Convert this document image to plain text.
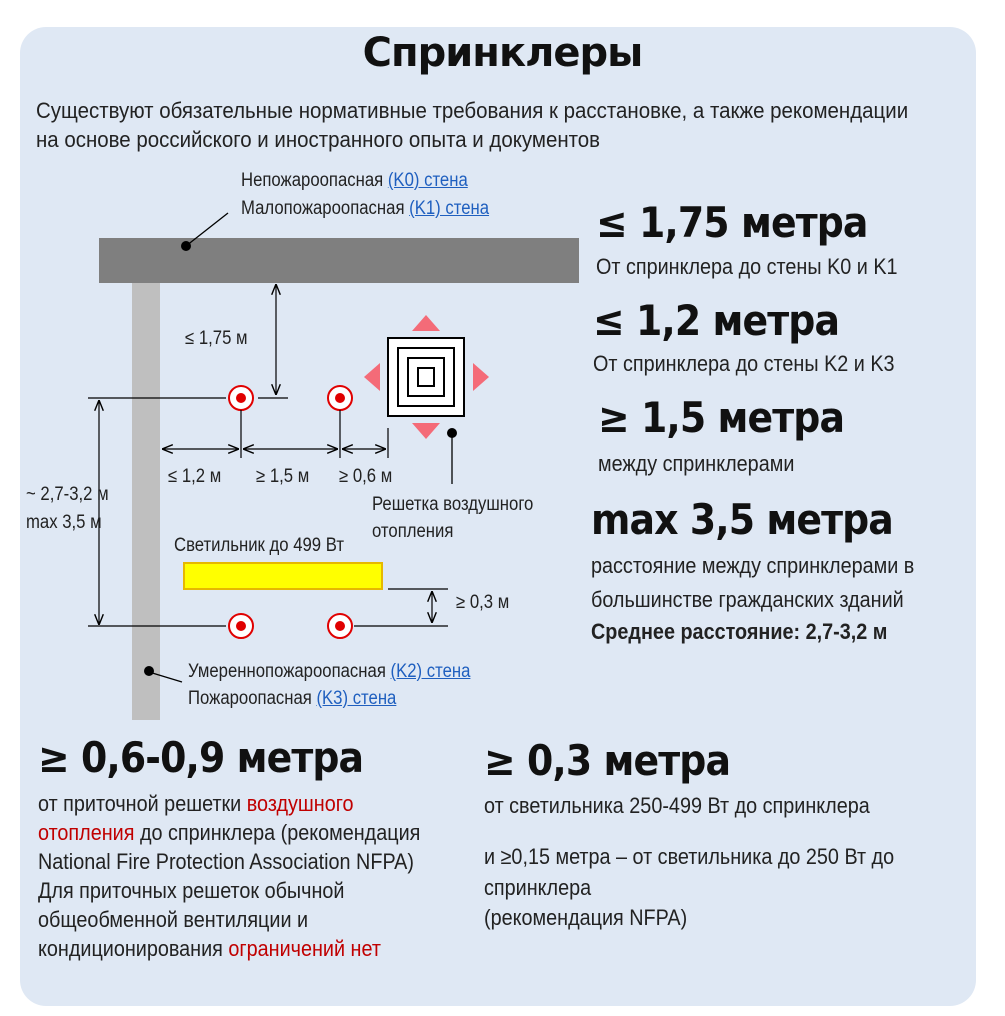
Спринклеры
Существуют обязательные нормативные требования к расстановке, а также рекомендации
на основе российского и иностранного опыта и документов
Непожароопасная (K0) стена
Малопожароопасная (K1) стена
≤ 1,75 м
≤ 1,2 м ≥ 1,5 м ≥ 0,6 м
Решетка воздушного
отопления
~ 2,7-3,2 м
max 3,5 м
Светильник до 499 Вт
≥ 0,3 м
Умереннопожароопасная (K2) стена
Пожароопасная (K3) стена
≤ 1,75 метра
От спринклера до стены K0 и K1
≤ 1,2 метра
От спринклера до стены K2 и K3
≥ 1,5 метра
между спринклерами
max 3,5 метра
расстояние между спринклерами в
большинстве гражданских зданий
Среднее расстояние: 2,7-3,2 м
≥ 0,6-0,9 метра
от приточной решетки воздушного
отопления до спринклера (рекомендация
National Fire Protection Association NFPA)
Для приточных решеток обычной
общеобменной вентиляции и
кондиционирования ограничений нет
≥ 0,3 метра
от светильника 250-499 Вт до спринклера
и ≥0,15 метра – от светильника до 250 Вт до
спринклера
(рекомендация NFPA)
